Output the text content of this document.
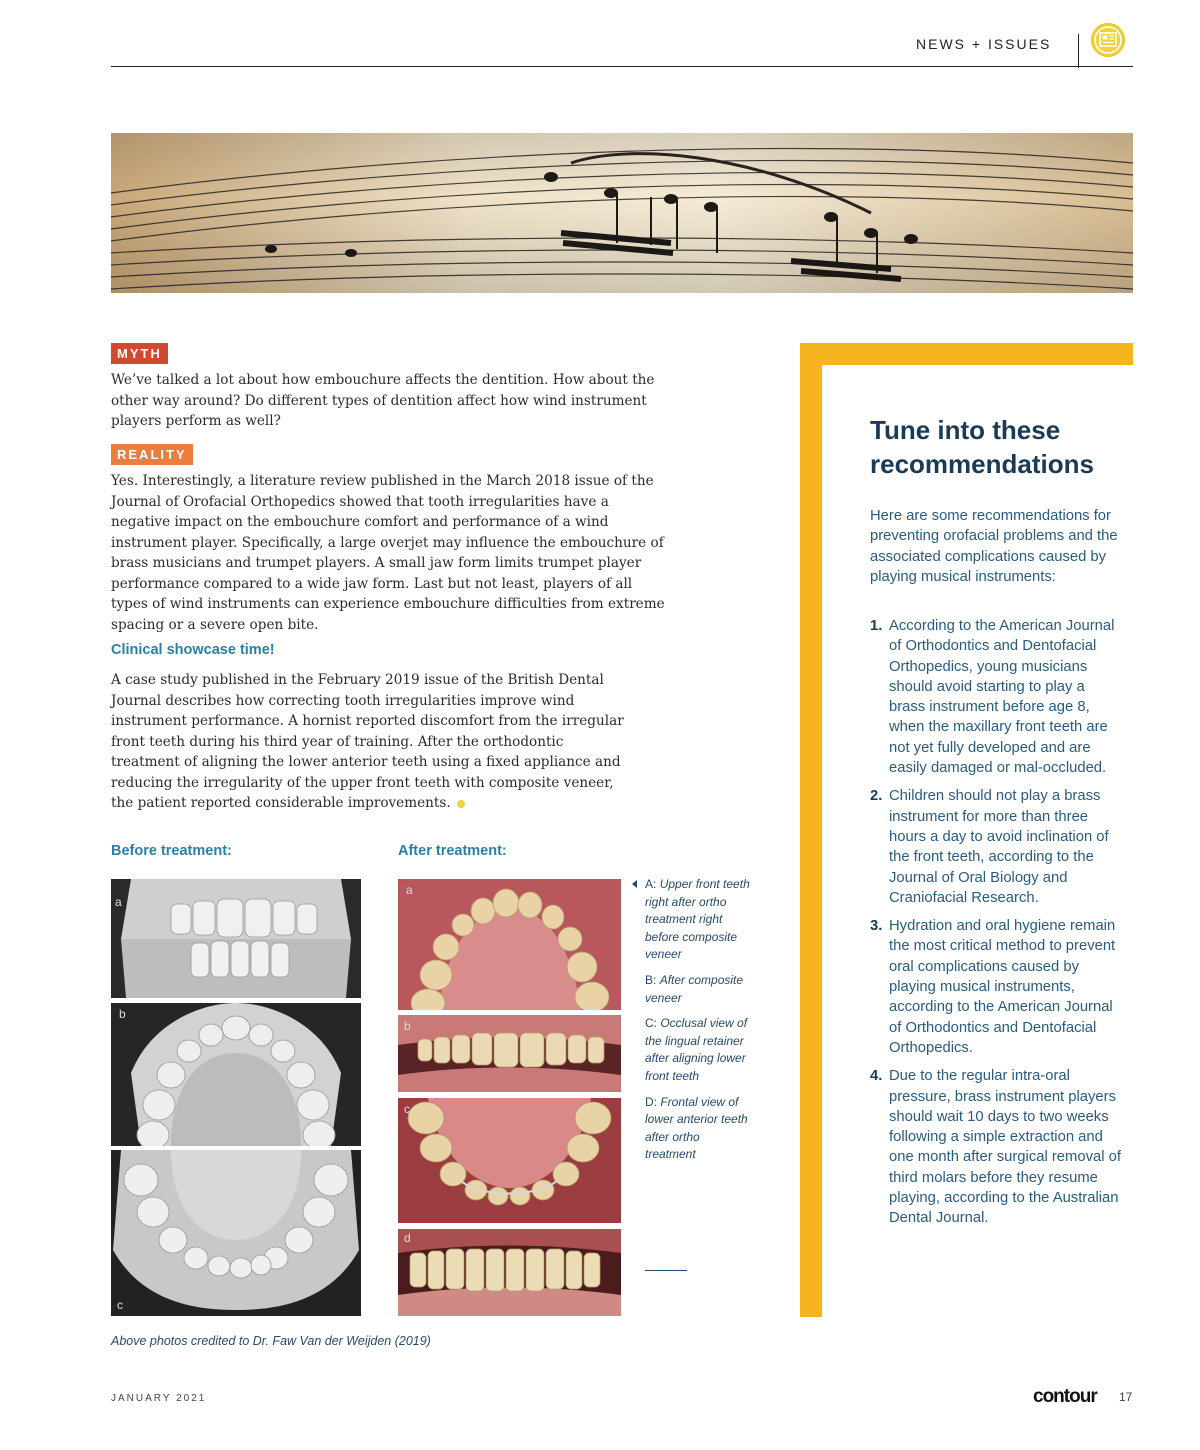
NEWS + ISSUES
MYTH
We’ve talked a lot about how embouchure affects the dentition. How about the other way around? Do different types of dentition affect how wind instrument players perform as well?
REALITY
Yes. Interestingly, a literature review published in the March 2018 issue of the Journal of Orofacial Orthopedics showed that tooth irregularities have a negative impact on the embouchure comfort and performance of a wind instrument player. Specifically, a large overjet may influence the embouchure of brass musicians and trumpet players. A small jaw form limits trumpet player performance compared to a wide jaw form. Last but not least, players of all types of wind instruments can experience embouchure difficulties from extreme spacing or a severe open bite.
Clinical showcase time!
A case study published in the February 2019 issue of the British Dental Journal describes how correcting tooth irregularities improve wind instrument performance. A hornist reported discomfort from the irregular front teeth during his third year of training. After the orthodontic treatment of aligning the lower anterior teeth using a fixed appliance and reducing the irregularity of the upper front teeth with composite veneer, the patient reported considerable improvements.
Before treatment:	After treatment:
a
b
c
a
b
c
d
A: Upper front teeth right after ortho treatment right before composite veneer
B: After composite veneer
C: Occlusal view of the lingual retainer after aligning lower front teeth
D: Frontal view of lower anterior teeth after ortho treatment
Above photos credited to Dr. Faw Van der Weijden (2019)
Tune into these recommendations
Here are some recommendations for preventing orofacial problems and the associated complications caused by playing musical instruments:
1. According to the American Journal of Orthodontics and Dentofacial Orthopedics, young musicians should avoid starting to play a brass instrument before age 8, when the maxillary front teeth are not yet fully developed and are easily damaged or mal-occluded.
2. Children should not play a brass instrument for more than three hours a day to avoid inclination of the front teeth, according to the Journal of Oral Biology and Craniofacial Research.
3. Hydration and oral hygiene remain the most critical method to prevent oral complications caused by playing musical instruments, according to the American Journal of Orthodontics and Dentofacial Orthopedics.
4. Due to the regular intra-oral pressure, brass instrument players should wait 10 days to two weeks following a simple extraction and one month after surgical removal of third molars before they resume playing, according to the Australian Dental Journal.
JANUARY 2021	contour 17
